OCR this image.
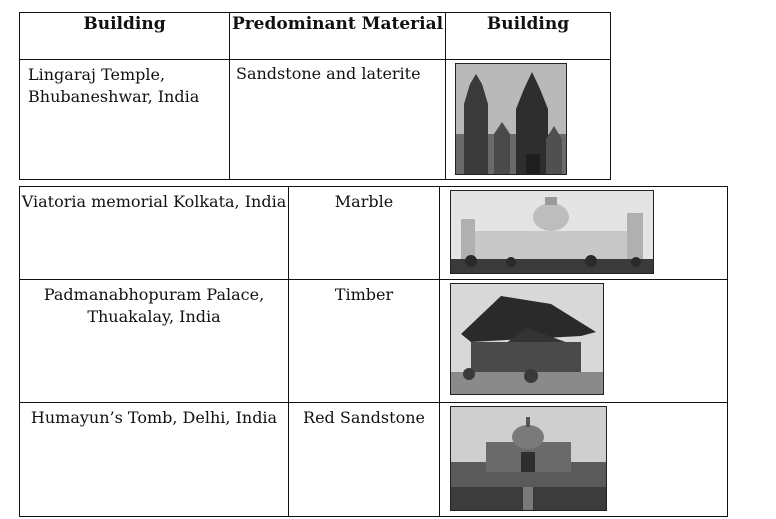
Building	Predominant Material	Building
Lingaraj Temple, Bhubaneshwar, India	Sandstone and laterite	
Viatoria memorial Kolkata, India	Marble	

Padmanabhopuram Palace, Thuakalay, India	Timber	

Humayun’s Tomb, Delhi, India	Red Sandstone	
